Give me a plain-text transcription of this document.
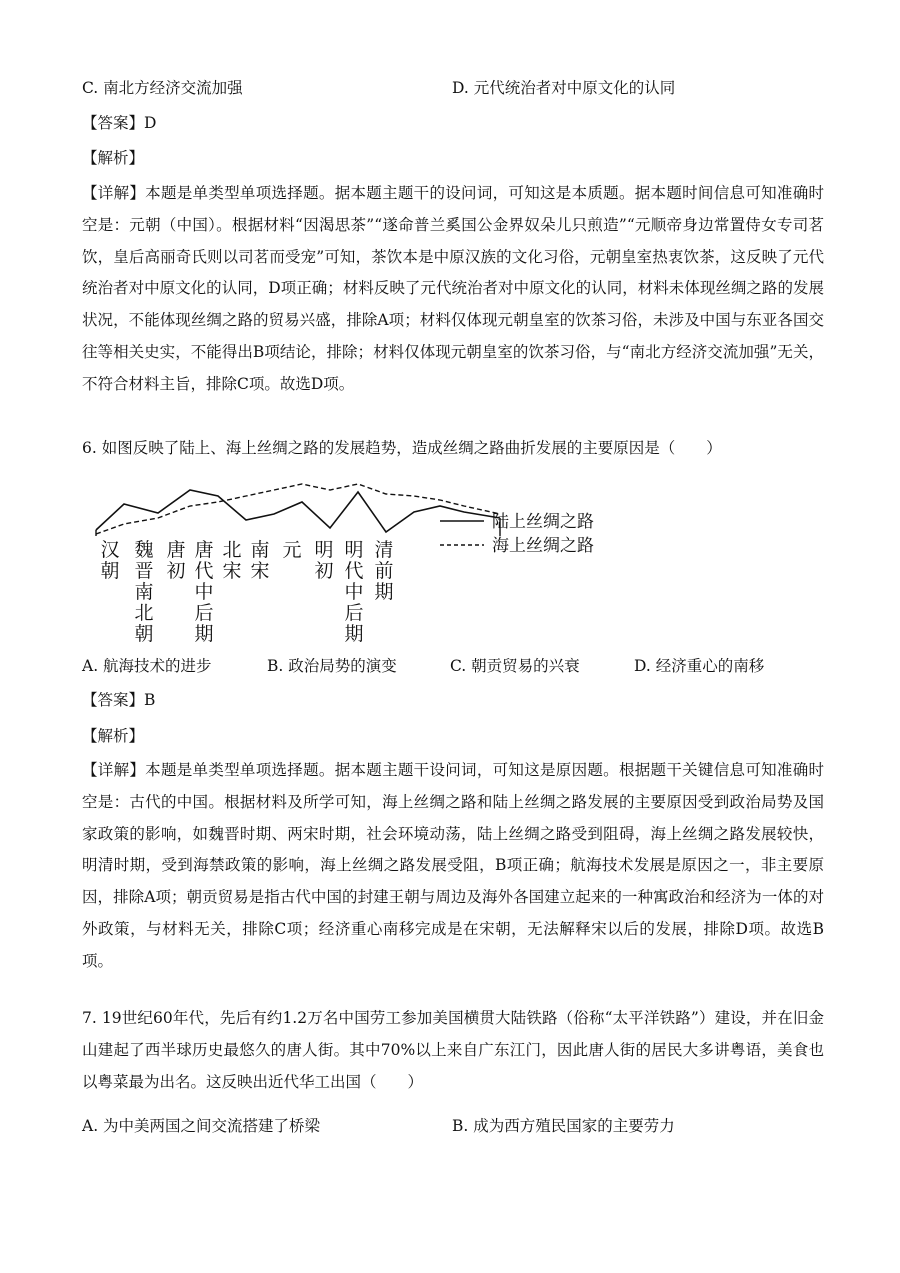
C. 南北方经济交流加强	D. 元代统治者对中原文化的认同
【答案】D
【解析】
【详解】本题是单类型单项选择题。据本题主题干的设问词，可知这是本质题。据本题时间信息可知准确时空是：元朝（中国）。根据材料“因渴思茶”“遂命普兰奚国公金界奴朵儿只煎造”“元顺帝身边常置侍女专司茗饮，皇后高丽奇氏则以司茗而受宠”可知，茶饮本是中原汉族的文化习俗，元朝皇室热衷饮茶，这反映了元代统治者对中原文化的认同，D项正确；材料反映了元代统治者对中原文化的认同，材料未体现丝绸之路的发展状况，不能体现丝绸之路的贸易兴盛，排除A项；材料仅体现元朝皇室的饮茶习俗，未涉及中国与东亚各国交往等相关史实，不能得出B项结论，排除；材料仅体现元朝皇室的饮茶习俗，与“南北方经济交流加强”无关，不符合材料主旨，排除C项。故选D项。
6. 如图反映了陆上、海上丝绸之路的发展趋势，造成丝绸之路曲折发展的主要原因是（　　）
汉
朝
魏
晋
南
北
朝
唐
初
唐
代
中
后
期
北
宋
南
宋
元 明
初
明
代
中
后
期
清
前
期
陆上丝绸之路
海上丝绸之路
A. 航海技术的进步	B. 政治局势的演变	C. 朝贡贸易的兴衰	D. 经济重心的南移
【答案】B
【解析】
【详解】本题是单类型单项选择题。据本题主题干设问词，可知这是原因题。根据题干关键信息可知准确时空是：古代的中国。根据材料及所学可知，海上丝绸之路和陆上丝绸之路发展的主要原因受到政治局势及国家政策的影响，如魏晋时期、两宋时期，社会环境动荡，陆上丝绸之路受到阻碍，海上丝绸之路发展较快，明清时期，受到海禁政策的影响，海上丝绸之路发展受阻，B项正确；航海技术发展是原因之一，非主要原因，排除A项；朝贡贸易是指古代中国的封建王朝与周边及海外各国建立起来的一种寓政治和经济为一体的对外政策，与材料无关，排除C项；经济重心南移完成是在宋朝，无法解释宋以后的发展，排除D项。故选B项。
7. 19世纪60年代，先后有约1.2万名中国劳工参加美国横贯大陆铁路（俗称“太平洋铁路”）建设，并在旧金山建起了西半球历史最悠久的唐人街。其中70%以上来自广东江门，因此唐人街的居民大多讲粤语，美食也以粤菜最为出名。这反映出近代华工出国（　　）
A. 为中美两国之间交流搭建了桥梁	B. 成为西方殖民国家的主要劳力
